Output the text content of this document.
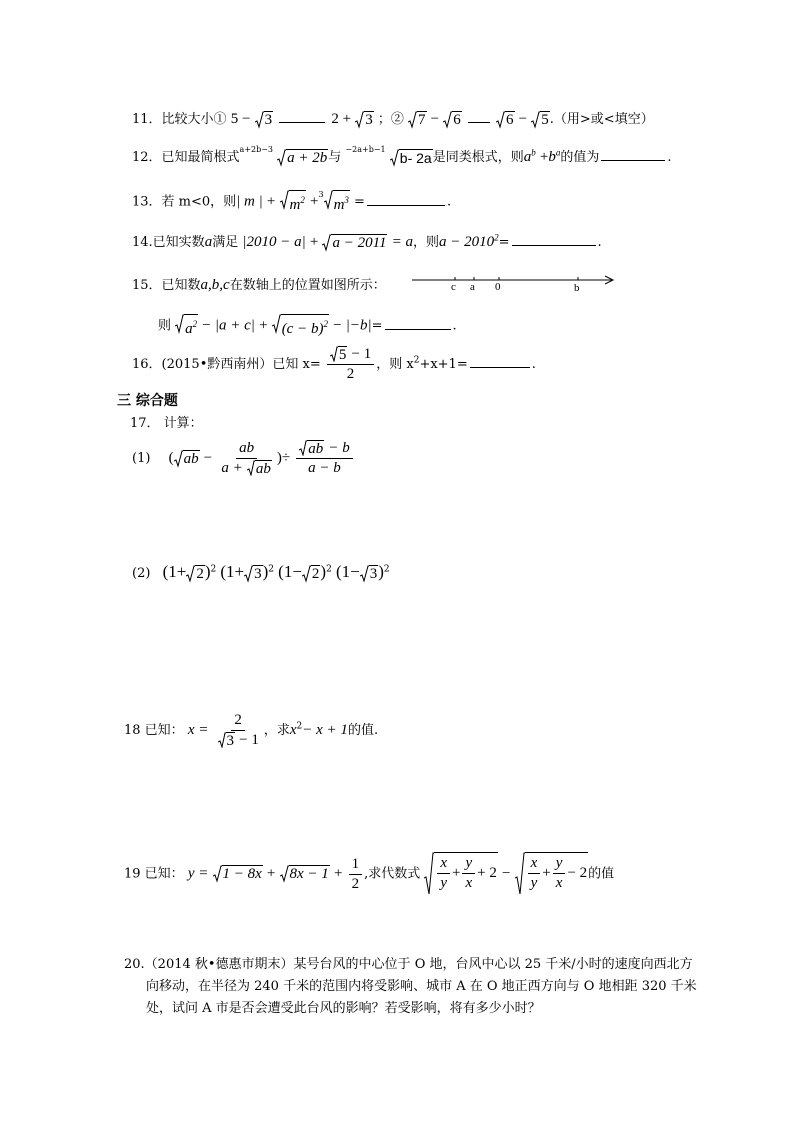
11．比较大小① 5 − 3	2 + 3 ；② 7 − 6
	6 − 5 .（用>或<填空）
12．已知最简根式$^{a+2b-3}$ a + 2b 与 $^{-2a+b-1}$ b- 2a 是同类根式，则$a^b +b^a$的值为	.
13．若 m<0，则| m | + $m^2 +^3$
$m^3$ =	.
14.已知实数a满足 |2010 − a| + a − 2011 = a，则$a - 2010^2=$	.
15．已知数a,b,c在数轴上的位置如图所示：	c a 0	b
则 $a^2 - |a + c| + (c - b)^2 - |-b|=$	.
16．(2015•黔西南州）已知 $x= \frac{5 - 1}{2}$ ，则 $x^2+x+1=$	.
三 综合题
17． 计算：
(1) ( ab − $\frac{ab}{a + ab}$ )÷ $\frac{ab - b}{a - b}$
(2) (1+ 2 )$^2$ (1+ 3 )$^2$ (1− 2 )$^2$ (1− 3 )$^2$
18 已知： $x = \frac{2}{3 - 1}$ ，求$x^2- x + 1$的值.
19 已知： $y = 1 - 8x + 8x - 1 + \frac{1}{2}$ ,求代数式 $\frac{x}{y} + \frac{y}{x} + 2 - \frac{x}{y} + \frac{y}{x} - 2$ 的值
20.（2014 秋•德惠市期末）某号台风的中心位于 O 地，台风中心以 25 千米/小时的速度向西北方
向移动，在半径为 240 千米的范围内将受影响、城市 A 在 O 地正西方向与 O 地相距 320 千米
处，试问 A 市是否会遭受此台风的影响？若受影响，将有多少小时？
